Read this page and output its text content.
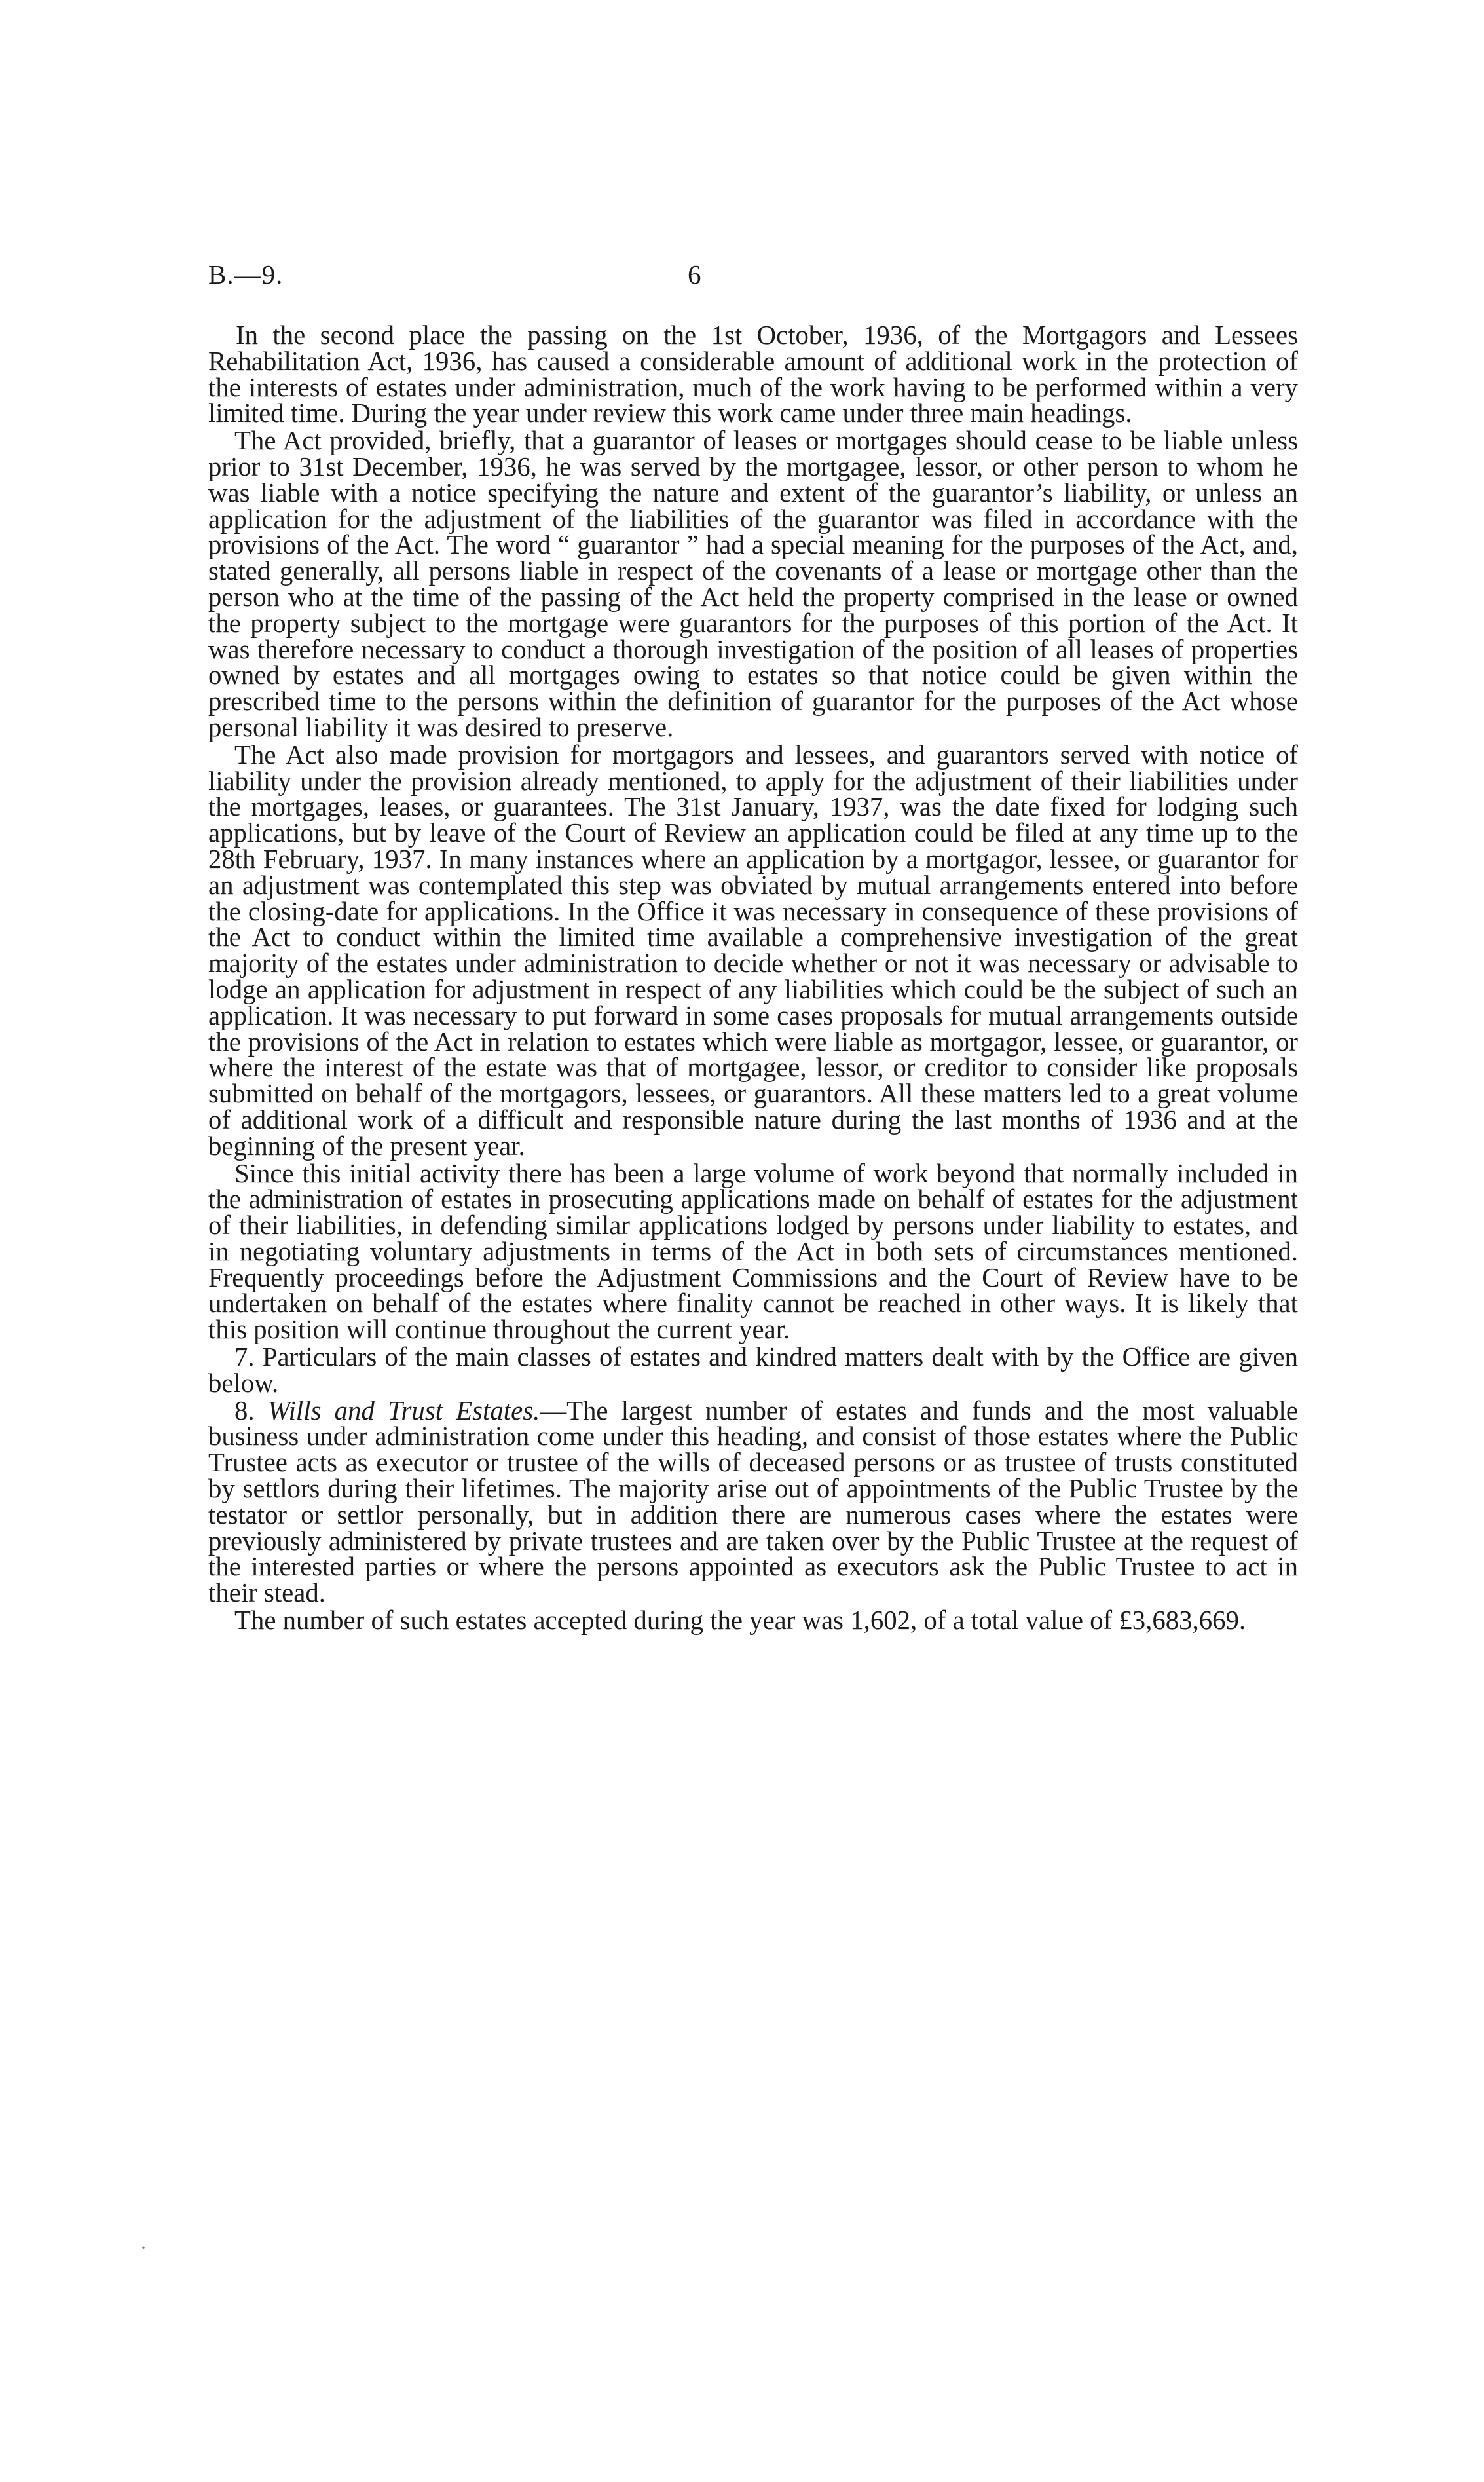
B.—9.	6

In the second place the passing on the 1st October, 1936, of the Mortgagors and Lessees Rehabilitation Act, 1936, has caused a considerable amount of additional work in the protection of the interests of estates under administration, much of the work having to be performed within a very limited time. During the year under review this work came under three main headings.

The Act provided, briefly, that a guarantor of leases or mortgages should cease to be liable unless prior to 31st December, 1936, he was served by the mortgagee, lessor, or other person to whom he was liable with a notice specifying the nature and extent of the guarantor’s liability, or unless an application for the adjustment of the liabilities of the guarantor was filed in accordance with the provisions of the Act. The word “ guarantor ” had a special meaning for the purposes of the Act, and, stated generally, all persons liable in respect of the covenants of a lease or mortgage other than the person who at the time of the passing of the Act held the property comprised in the lease or owned the property subject to the mortgage were guarantors for the purposes of this portion of the Act. It was therefore necessary to conduct a thorough investigation of the position of all leases of properties owned by estates and all mortgages owing to estates so that notice could be given within the prescribed time to the persons within the definition of guarantor for the purposes of the Act whose personal liability it was desired to preserve.

The Act also made provision for mortgagors and lessees, and guarantors served with notice of liability under the provision already mentioned, to apply for the adjustment of their liabilities under the mortgages, leases, or guarantees. The 31st January, 1937, was the date fixed for lodging such applications, but by leave of the Court of Review an application could be filed at any time up to the 28th February, 1937. In many instances where an application by a mortgagor, lessee, or guarantor for an adjustment was contemplated this step was obviated by mutual arrangements entered into before the closing-date for applications. In the Office it was necessary in consequence of these provisions of the Act to conduct within the limited time available a comprehensive investigation of the great majority of the estates under administration to decide whether or not it was necessary or advisable to lodge an application for adjustment in respect of any liabilities which could be the subject of such an application. It was necessary to put forward in some cases proposals for mutual arrangements outside the provisions of the Act in relation to estates which were liable as mortgagor, lessee, or guarantor, or where the interest of the estate was that of mortgagee, lessor, or creditor to consider like proposals submitted on behalf of the mortgagors, lessees, or guarantors. All these matters led to a great volume of additional work of a difficult and responsible nature during the last months of 1936 and at the beginning of the present year.

Since this initial activity there has been a large volume of work beyond that normally included in the administration of estates in prosecuting applications made on behalf of estates for the adjustment of their liabilities, in defending similar applications lodged by persons under liability to estates, and in negotiating voluntary adjustments in terms of the Act in both sets of circumstances mentioned. Frequently proceedings before the Adjustment Commissions and the Court of Review have to be undertaken on behalf of the estates where finality cannot be reached in other ways. It is likely that this position will continue throughout the current year.

7. Particulars of the main classes of estates and kindred matters dealt with by the Office are given below.

8. Wills and Trust Estates.—The largest number of estates and funds and the most valuable business under administration come under this heading, and consist of those estates where the Public Trustee acts as executor or trustee of the wills of deceased persons or as trustee of trusts constituted by settlors during their lifetimes. The majority arise out of appointments of the Public Trustee by the testator or settlor personally, but in addition there are numerous cases where the estates were previously administered by private trustees and are taken over by the Public Trustee at the request of the interested parties or where the persons appointed as executors ask the Public Trustee to act in their stead.

The number of such estates accepted during the year was 1,602, of a total value of £3,683,669.

·
